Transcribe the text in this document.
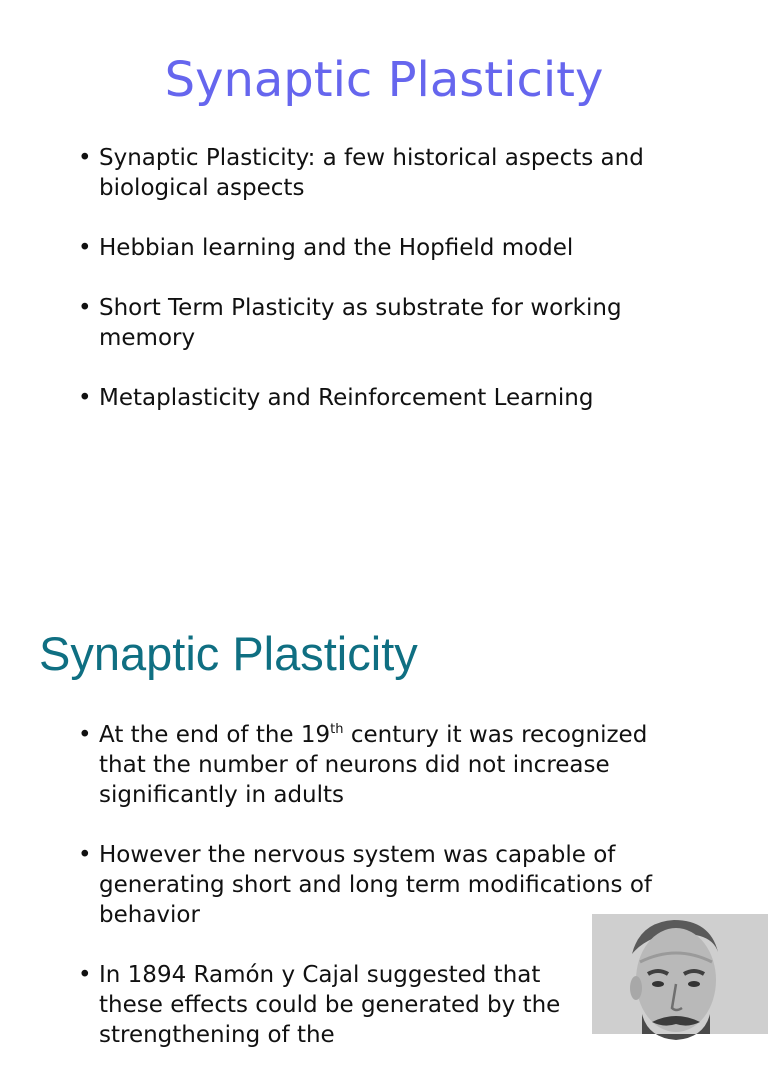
Synaptic Plasticity
• Synaptic Plasticity: a few historical aspects and biological aspects
• Hebbian learning and the Hopfield model
• Short Term Plasticity as substrate for working memory
• Metaplasticity and Reinforcement Learning
Synaptic Plasticity
• At the end of the 19th century it was recognized that the number of neurons did not increase significantly in adults
• However the nervous system was capable of generating short and long term modifications of behavior
• In 1894 Ramón y Cajal suggested that these effects could be generated by the strengthening of the
